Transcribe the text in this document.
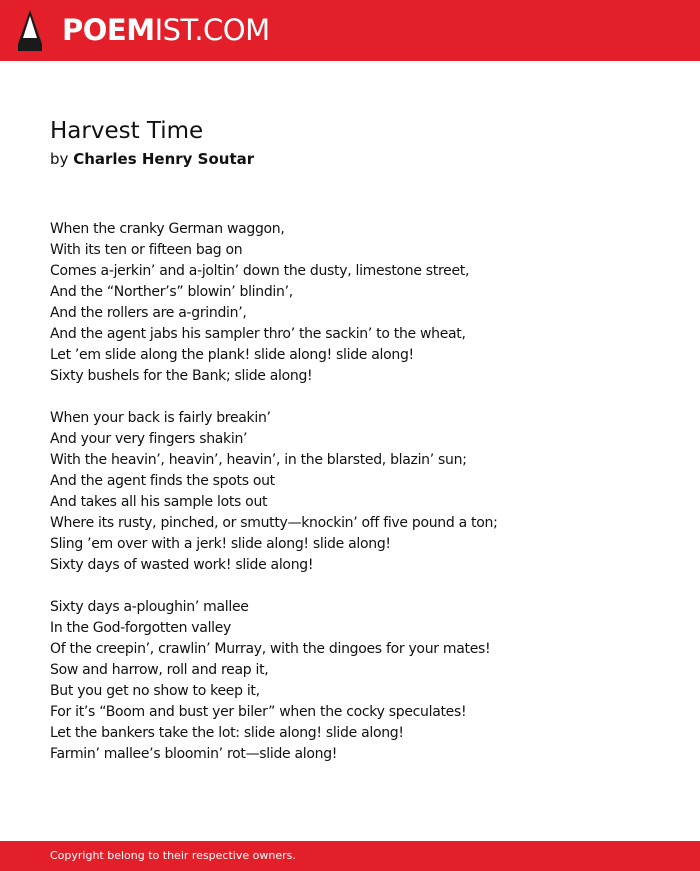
POEMIST.COM
Harvest Time
by Charles Henry Soutar
When the cranky German waggon,
With its ten or fifteen bag on
Comes a-jerkin’ and a-joltin’ down the dusty, limestone street,
And the “Norther’s” blowin’ blindin’,
And the rollers are a-grindin’,
And the agent jabs his sampler thro’ the sackin’ to the wheat,
Let ’em slide along the plank! slide along! slide along!
Sixty bushels for the Bank; slide along!
When your back is fairly breakin’
And your very fingers shakin’
With the heavin’, heavin’, heavin’, in the blarsted, blazin’ sun;
And the agent finds the spots out
And takes all his sample lots out
Where its rusty, pinched, or smutty—knockin’ off five pound a ton;
Sling ’em over with a jerk! slide along! slide along!
Sixty days of wasted work! slide along!
Sixty days a-ploughin’ mallee
In the God-forgotten valley
Of the creepin’, crawlin’ Murray, with the dingoes for your mates!
Sow and harrow, roll and reap it,
But you get no show to keep it,
For it’s “Boom and bust yer biler” when the cocky speculates!
Let the bankers take the lot: slide along! slide along!
Farmin’ mallee’s bloomin’ rot—slide along!
Copyright belong to their respective owners.
